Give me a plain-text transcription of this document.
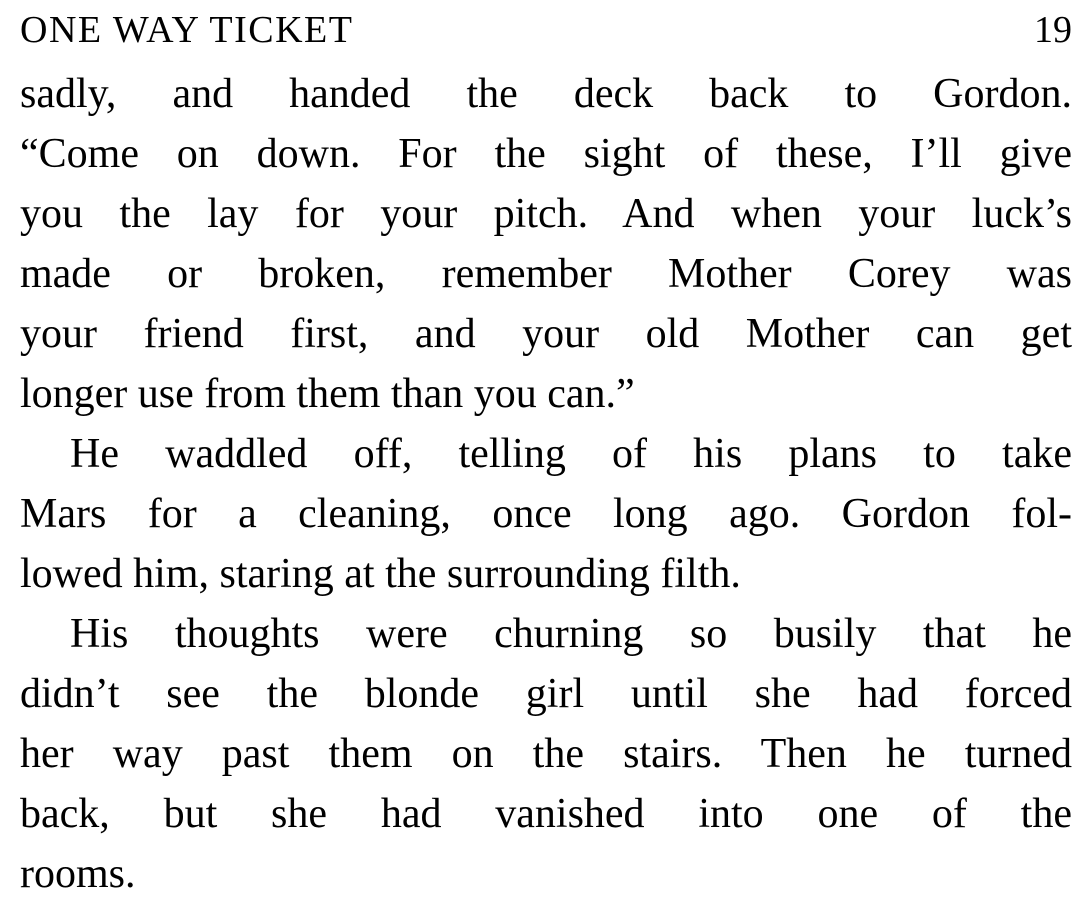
ONE WAY TICKET	19
sadly, and handed the deck back to Gordon.
“Come on down. For the sight of these, I’ll give
you the lay for your pitch. And when your luck’s
made or broken, remember Mother Corey was
your friend first, and your old Mother can get
longer use from them than you can.”
He waddled off, telling of his plans to take
Mars for a cleaning, once long ago. Gordon fol-
lowed him, staring at the surrounding filth.
His thoughts were churning so busily that he
didn’t see the blonde girl until she had forced
her way past them on the stairs. Then he turned
back, but she had vanished into one of the
rooms.
